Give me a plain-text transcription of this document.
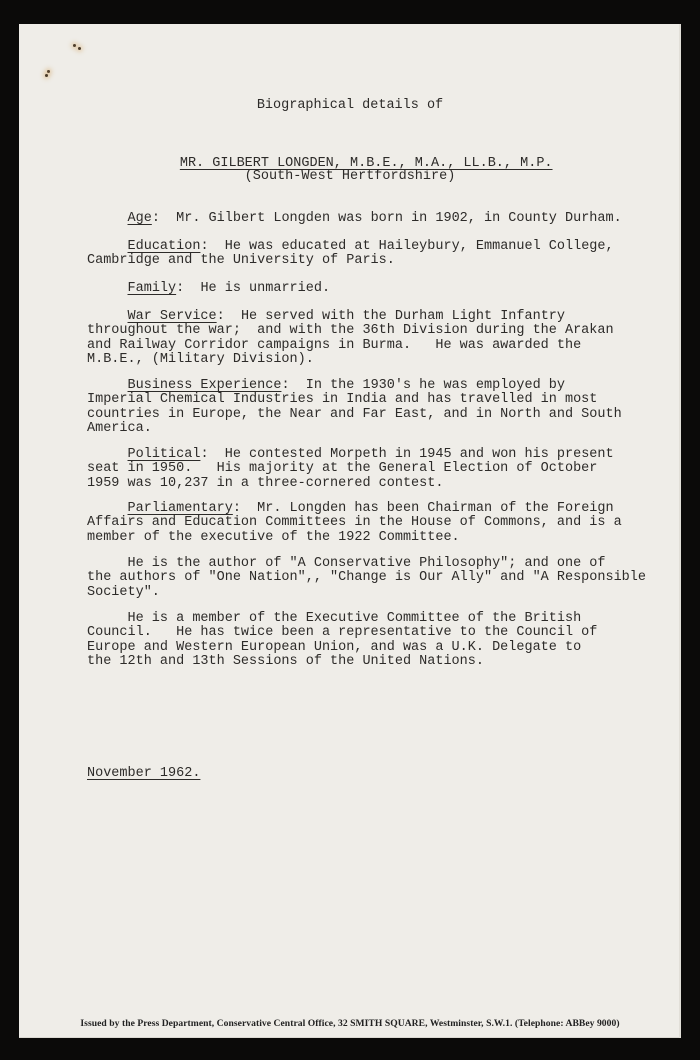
Biographical details of

MR. GILBERT LONGDEN, M.B.E., M.A., LL.B., M.P.

(South-West Hertfordshire)
Age:  Mr. Gilbert Longden was born in 1902, in County Durham.
Education:  He was educated at Haileybury, Emmanuel College,
Cambridge and the University of Paris.
Family:  He is unmarried.
War Service:  He served with the Durham Light Infantry
throughout the war;  and with the 36th Division during the Arakan
and Railway Corridor campaigns in Burma.   He was awarded the
M.B.E., (Military Division).
Business Experience:  In the 1930's he was employed by
Imperial Chemical Industries in India and has travelled in most
countries in Europe, the Near and Far East, and in North and South
America.
Political:  He contested Morpeth in 1945 and won his present
seat in 1950.   His majority at the General Election of October
1959 was 10,237 in a three-cornered contest.
Parliamentary:  Mr. Longden has been Chairman of the Foreign
Affairs and Education Committees in the House of Commons, and is a
member of the executive of the 1922 Committee.
He is the author of "A Conservative Philosophy"; and one of
the authors of "One Nation",, "Change is Our Ally" and "A Responsible
Society".
He is a member of the Executive Committee of the British
Council.   He has twice been a representative to the Council of
Europe and Western European Union, and was a U.K. Delegate to
the 12th and 13th Sessions of the United Nations.
November 1962.
Issued by the Press Department, Conservative Central Office, 32 SMITH SQUARE, Westminster, S.W.1. (Telephone: ABBey 9000)
